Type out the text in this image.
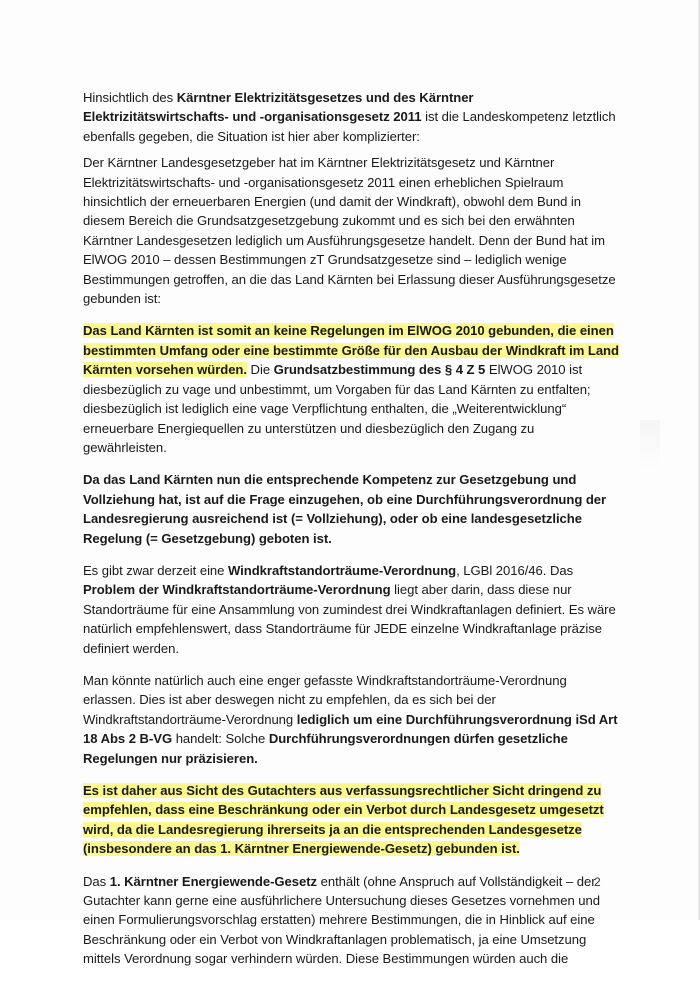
Hinsichtlich des Kärntner Elektrizitätsgesetzes und des Kärntner Elektrizitätswirtschafts- und -organisationsgesetz 2011 ist die Landeskompetenz letztlich ebenfalls gegeben, die Situation ist hier aber komplizierter:

Der Kärntner Landesgesetzgeber hat im Kärntner Elektrizitätsgesetz und Kärntner Elektrizitätswirtschafts- und -organisationsgesetz 2011 einen erheblichen Spielraum hinsichtlich der erneuerbaren Energien (und damit der Windkraft), obwohl dem Bund in diesem Bereich die Grundsatzgesetzgebung zukommt und es sich bei den erwähnten Kärntner Landesgesetzen lediglich um Ausführungsgesetze handelt. Denn der Bund hat im ElWOG 2010 – dessen Bestimmungen zT Grundsatzgesetze sind – lediglich wenige Bestimmungen getroffen, an die das Land Kärnten bei Erlassung dieser Ausführungsgesetze gebunden ist:

Das Land Kärnten ist somit an keine Regelungen im ElWOG 2010 gebunden, die einen bestimmten Umfang oder eine bestimmte Größe für den Ausbau der Windkraft im Land Kärnten vorsehen würden. Die Grundsatzbestimmung des § 4 Z 5 ElWOG 2010 ist diesbezüglich zu vage und unbestimmt, um Vorgaben für das Land Kärnten zu entfalten; diesbezüglich ist lediglich eine vage Verpflichtung enthalten, die „Weiterentwicklung“ erneuerbare Energiequellen zu unterstützen und diesbezüglich den Zugang zu gewährleisten.

Da das Land Kärnten nun die entsprechende Kompetenz zur Gesetzgebung und Vollziehung hat, ist auf die Frage einzugehen, ob eine Durchführungsverordnung der Landesregierung ausreichend ist (= Vollziehung), oder ob eine landesgesetzliche Regelung (= Gesetzgebung) geboten ist.

Es gibt zwar derzeit eine Windkraftstandorträume-Verordnung, LGBl 2016/46. Das Problem der Windkraftstandorträume-Verordnung liegt aber darin, dass diese nur Standorträume für eine Ansammlung von zumindest drei Windkraftanlagen definiert. Es wäre natürlich empfehlenswert, dass Standorträume für JEDE einzelne Windkraftanlage präzise definiert werden.

Man könnte natürlich auch eine enger gefasste Windkraftstandorträume-Verordnung erlassen. Dies ist aber deswegen nicht zu empfehlen, da es sich bei der Windkraftstandorträume-Verordnung lediglich um eine Durchführungsverordnung iSd Art 18 Abs 2 B-VG handelt: Solche Durchführungsverordnungen dürfen gesetzliche Regelungen nur präzisieren.

Es ist daher aus Sicht des Gutachters aus verfassungsrechtlicher Sicht dringend zu empfehlen, dass eine Beschränkung oder ein Verbot durch Landesgesetz umgesetzt wird, da die Landesregierung ihrerseits ja an die entsprechenden Landesgesetze (insbesondere an das 1. Kärntner Energiewende-Gesetz) gebunden ist.

Das 1. Kärntner Energiewende-Gesetz enthält (ohne Anspruch auf Vollständigkeit – der Gutachter kann gerne eine ausführlichere Untersuchung dieses Gesetzes vornehmen und einen Formulierungsvorschlag erstatten) mehrere Bestimmungen, die in Hinblick auf eine Beschränkung oder ein Verbot von Windkraftanlagen problematisch, ja eine Umsetzung mittels Verordnung sogar verhindern würden. Diese Bestimmungen würden auch die

2
